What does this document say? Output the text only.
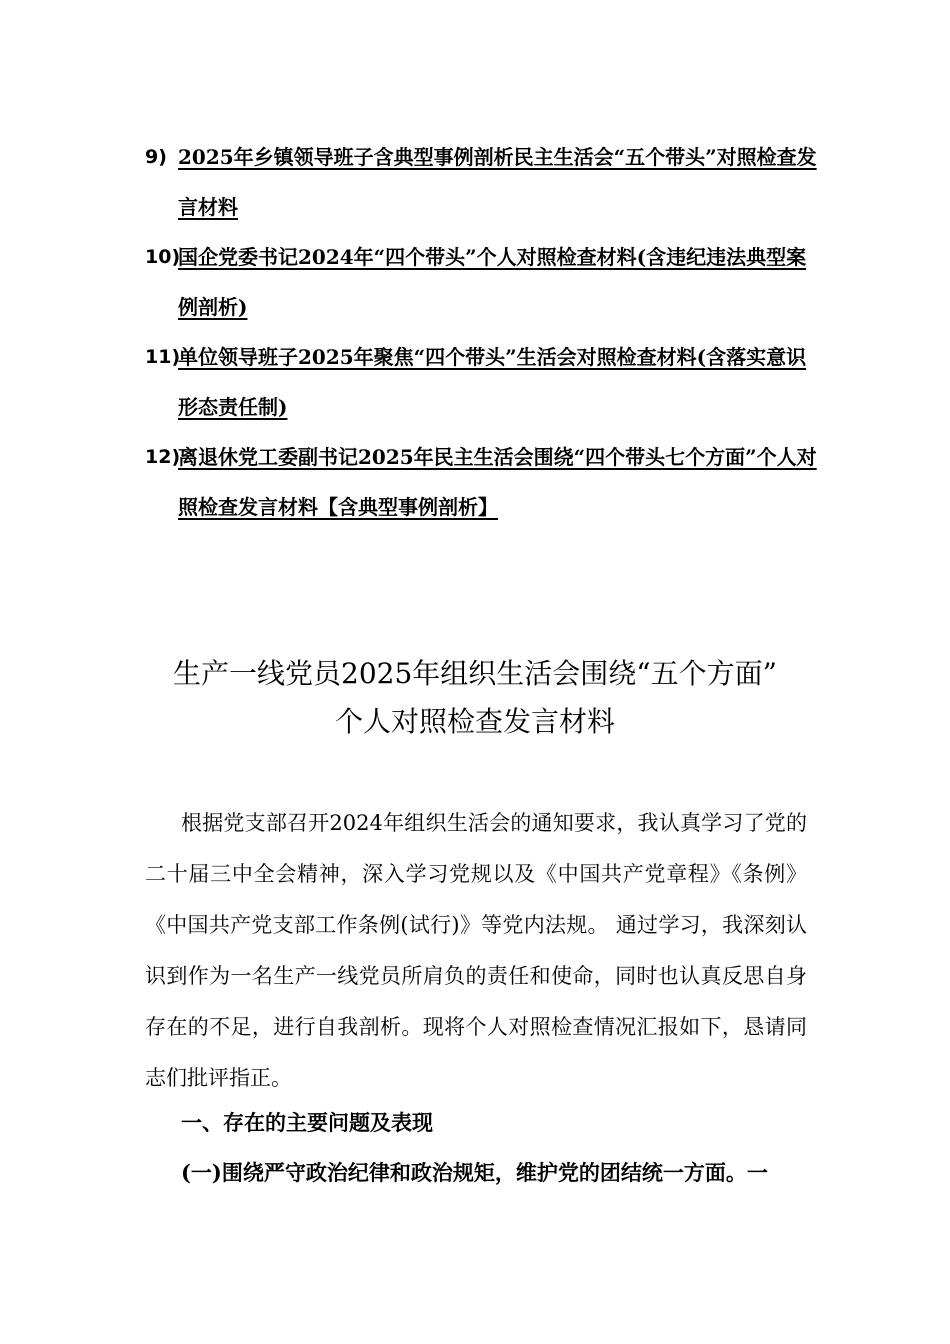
9) 2025年乡镇领导班子含典型事例剖析民主生活会“五个带头”对照检查发言材料
10)
国企党委书记2024年“四个带头”个人对照检查材料(含违纪违法典型案例剖析)
11)
单位领导班子2025年聚焦“四个带头”生活会对照检查材料(含落实意识形态责任制)
12)
离退休党工委副书记2025年民主生活会围绕“四个带头七个方面”个人对照检查发言材料【含典型事例剖析】
生产一线党员2025年组织生活会围绕“五个方面”
个人对照检查发言材料

根据党支部召开2024年组织生活会的通知要求，我认真学习了党的二十届三中全会精神，深入学习党规以及《中国共产党章程》《条例》《中国共产党支部工作条例(试行)》等党内法规。 通过学习，我深刻认识到作为一名生产一线党员所肩负的责任和使命，同时也认真反思自身存在的不足，进行自我剖析。现将个人对照检查情况汇报如下，恳请同志们批评指正。

一、存在的主要问题及表现
(一)围绕严守政治纪律和政治规矩，维护党的团结统一方面。一
